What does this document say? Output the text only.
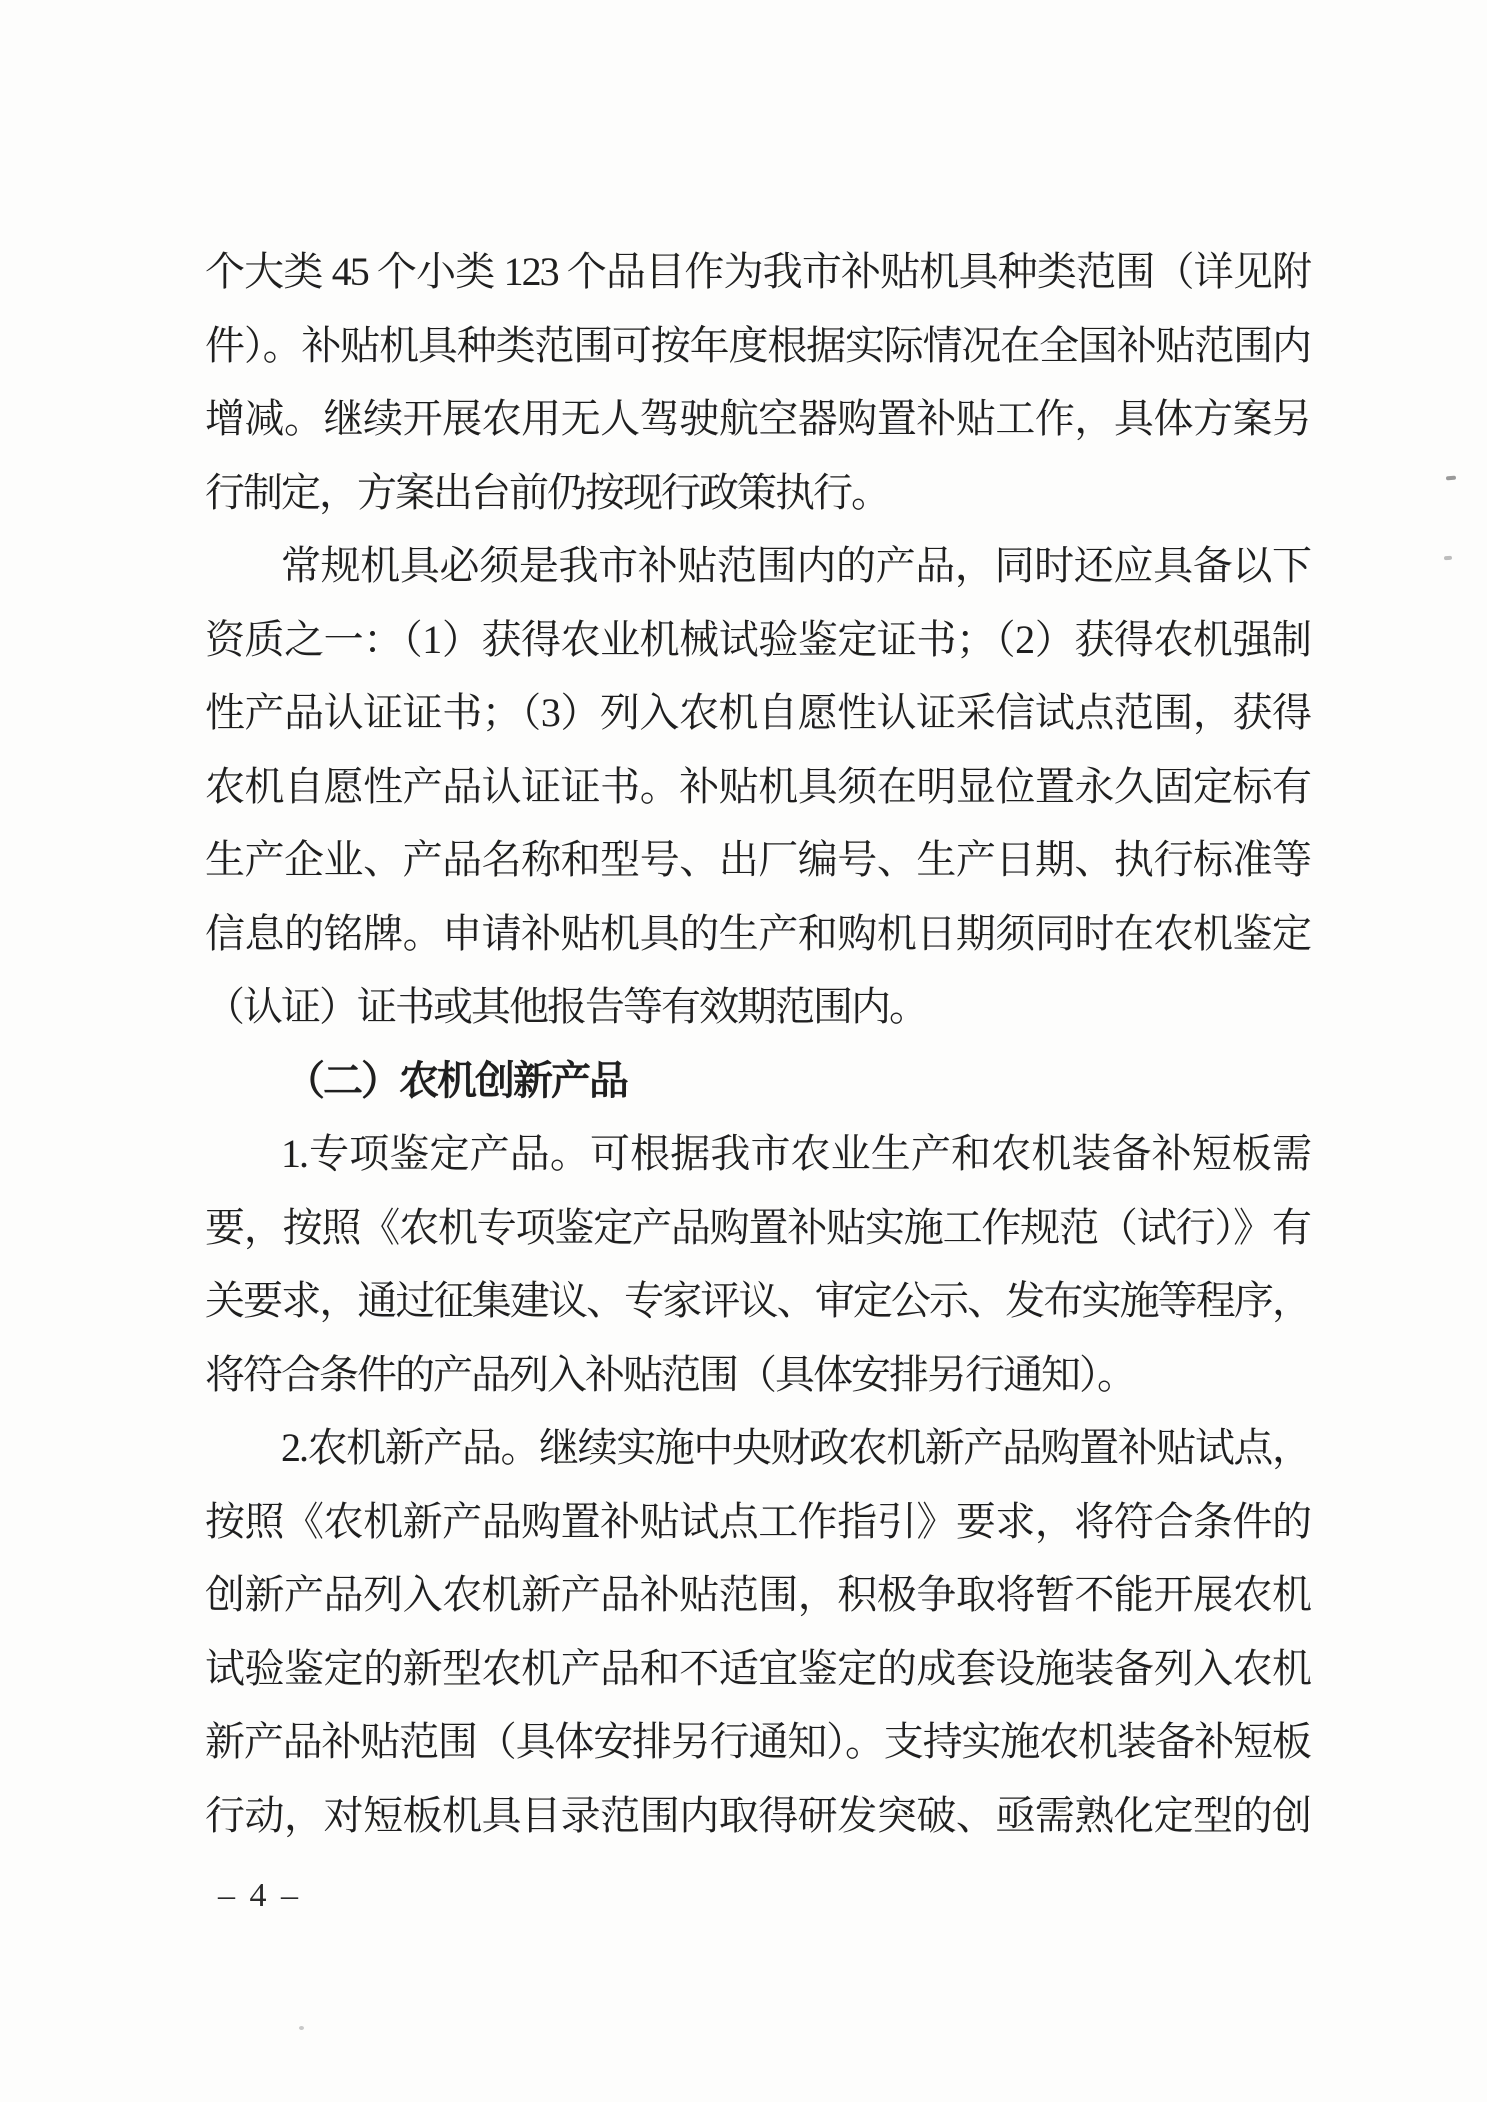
个大类 45 个小类 123 个品目作为我市补贴机具种类范围（详见附
件）。补贴机具种类范围可按年度根据实际情况在全国补贴范围内
增减。继续开展农用无人驾驶航空器购置补贴工作，具体方案另
行制定，方案出台前仍按现行政策执行。
常规机具必须是我市补贴范围内的产品，同时还应具备以下
资质之一：（1）获得农业机械试验鉴定证书；（2）获得农机强制
性产品认证证书；（3）列入农机自愿性认证采信试点范围，获得
农机自愿性产品认证证书。补贴机具须在明显位置永久固定标有
生产企业、产品名称和型号、出厂编号、生产日期、执行标准等
信息的铭牌。申请补贴机具的生产和购机日期须同时在农机鉴定
（认证）证书或其他报告等有效期范围内。
（二）农机创新产品
1.专项鉴定产品。可根据我市农业生产和农机装备补短板需
要，按照《农机专项鉴定产品购置补贴实施工作规范（试行）》有
关要求，通过征集建议、专家评议、审定公示、发布实施等程序，
将符合条件的产品列入补贴范围（具体安排另行通知）。
2.农机新产品。继续实施中央财政农机新产品购置补贴试点，
按照《农机新产品购置补贴试点工作指引》要求，将符合条件的
创新产品列入农机新产品补贴范围，积极争取将暂不能开展农机
试验鉴定的新型农机产品和不适宜鉴定的成套设施装备列入农机
新产品补贴范围（具体安排另行通知）。支持实施农机装备补短板
行动，对短板机具目录范围内取得研发突破、亟需熟化定型的创
– 4 –
